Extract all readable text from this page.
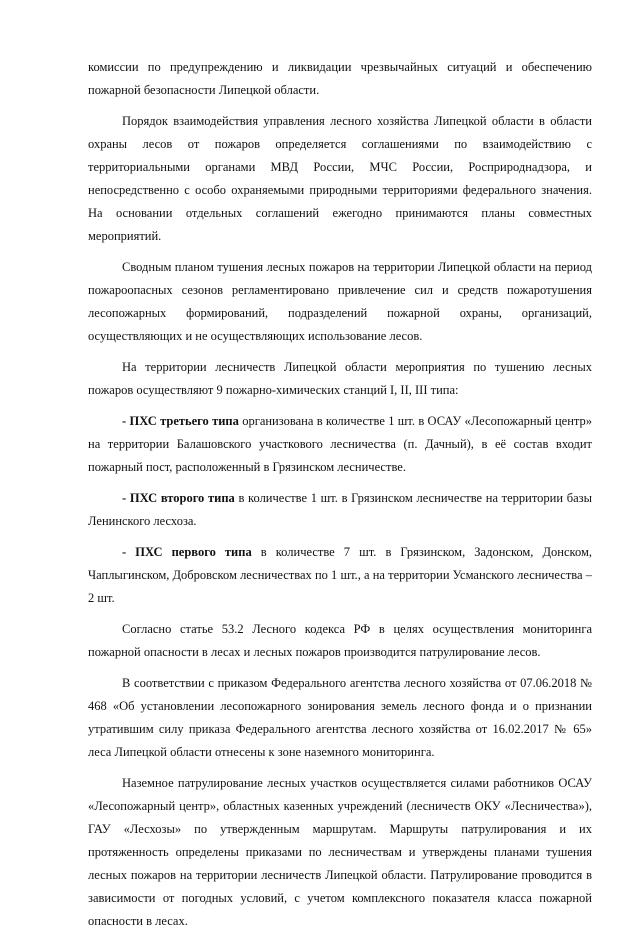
комиссии по предупреждению и ликвидации чрезвычайных ситуаций и обеспечению пожарной безопасности Липецкой области.

Порядок взаимодействия управления лесного хозяйства Липецкой области в области охраны лесов от пожаров определяется соглашениями по взаимодействию с территориальными органами МВД России, МЧС России, Росприроднадзора, и непосредственно с особо охраняемыми природными территориями федерального значения. На основании отдельных соглашений ежегодно принимаются планы совместных мероприятий.

Сводным планом тушения лесных пожаров на территории Липецкой области на период пожароопасных сезонов регламентировано привлечение сил и средств пожаротушения лесопожарных формирований, подразделений пожарной охраны, организаций, осуществляющих и не осуществляющих использование лесов.

На территории лесничеств Липецкой области мероприятия по тушению лесных пожаров осуществляют 9 пожарно-химических станций I, II, III типа:

- ПХС третьего типа организована в количестве 1 шт. в ОСАУ «Лесопожарный центр» на территории Балашовского участкового лесничества (п. Дачный), в её состав входит пожарный пост, расположенный в Грязинском лесничестве.

- ПХС второго типа в количестве 1 шт. в Грязинском лесничестве на территории базы Ленинского лесхоза.

- ПХС первого типа в количестве 7 шт. в Грязинском, Задонском, Донском, Чаплыгинском, Добровском лесничествах по 1 шт., а на территории Усманского лесничества – 2 шт.

Согласно статье 53.2 Лесного кодекса РФ в целях осуществления мониторинга пожарной опасности в лесах и лесных пожаров производится патрулирование лесов.

В соответствии с приказом Федерального агентства лесного хозяйства от 07.06.2018 № 468 «Об установлении лесопожарного зонирования земель лесного фонда и о признании утратившим силу приказа Федерального агентства лесного хозяйства от 16.02.2017 № 65» леса Липецкой области отнесены к зоне наземного мониторинга.

Наземное патрулирование лесных участков осуществляется силами работников ОСАУ «Лесопожарный центр», областных казенных учреждений (лесничеств ОКУ «Лесничества»), ГАУ «Лесхозы» по утвержденным маршрутам. Маршруты патрулирования и их протяженность определены приказами по лесничествам и утверждены планами тушения лесных пожаров на территории лесничеств Липецкой области. Патрулирование проводится в зависимости от погодных условий, с учетом комплексного показателя класса пожарной опасности в лесах.
